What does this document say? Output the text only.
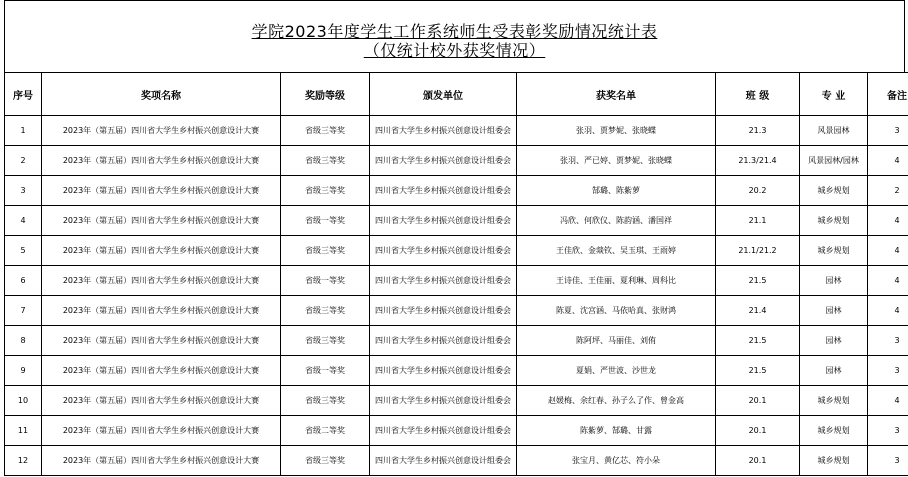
学院2023年度学生工作系统师生受表彰奖励情况统计表
（仅统计校外获奖情况）
序号	奖项名称	奖励等级	颁发单位	获奖名单	班 级	专 业	备注
1	2023年（第五届）四川省大学生乡村振兴创意设计大赛	省级三等奖	四川省大学生乡村振兴创意设计组委会	张羽、贾梦妮、张晓蝶	21.3	风景园林	3
2	2023年（第五届）四川省大学生乡村振兴创意设计大赛	省级三等奖	四川省大学生乡村振兴创意设计组委会	张羽、严已婷、贾梦妮、张晓蝶	21.3/21.4	风景园林/园林	4
3	2023年（第五届）四川省大学生乡村振兴创意设计大赛	省级三等奖	四川省大学生乡村振兴创意设计组委会	郜璐、陈紫萝	20.2	城乡规划	2
4	2023年（第五届）四川省大学生乡村振兴创意设计大赛	省级一等奖	四川省大学生乡村振兴创意设计组委会	冯欣、何欣仪、陈韵涵、潘国祥	21.1	城乡规划	4
5	2023年（第五届）四川省大学生乡村振兴创意设计大赛	省级三等奖	四川省大学生乡村振兴创意设计组委会	王佳欣、金燚钦、吴玉琪、王雨婷	21.1/21.2	城乡规划	4
6	2023年（第五届）四川省大学生乡村振兴创意设计大赛	省级一等奖	四川省大学生乡村振兴创意设计组委会	王诗佳、王佳丽、夏利琳、周科比	21.5	园林	4
7	2023年（第五届）四川省大学生乡村振兴创意设计大赛	省级三等奖	四川省大学生乡村振兴创意设计组委会	陈夏、沈宫涵、马依哈真、张财鸿	21.4	园林	4
8	2023年（第五届）四川省大学生乡村振兴创意设计大赛	省级三等奖	四川省大学生乡村振兴创意设计组委会	陈阿坪、马丽佳、刘侑	21.5	园林	3
9	2023年（第五届）四川省大学生乡村振兴创意设计大赛	省级一等奖	四川省大学生乡村振兴创意设计组委会	夏娟、严世波、沙世龙	21.5	园林	3
10	2023年（第五届）四川省大学生乡村振兴创意设计大赛	省级三等奖	四川省大学生乡村振兴创意设计组委会	赵媛梅、余红春、孙子么了作、曾金高	20.1	城乡规划	4
11	2023年（第五届）四川省大学生乡村振兴创意设计大赛	省级二等奖	四川省大学生乡村振兴创意设计组委会	陈紫萝、郜璐、甘露	20.1	城乡规划	3
12	2023年（第五届）四川省大学生乡村振兴创意设计大赛	省级三等奖	四川省大学生乡村振兴创意设计组委会	张宝月、黄亿芯、符小朵	20.1	城乡规划	3
